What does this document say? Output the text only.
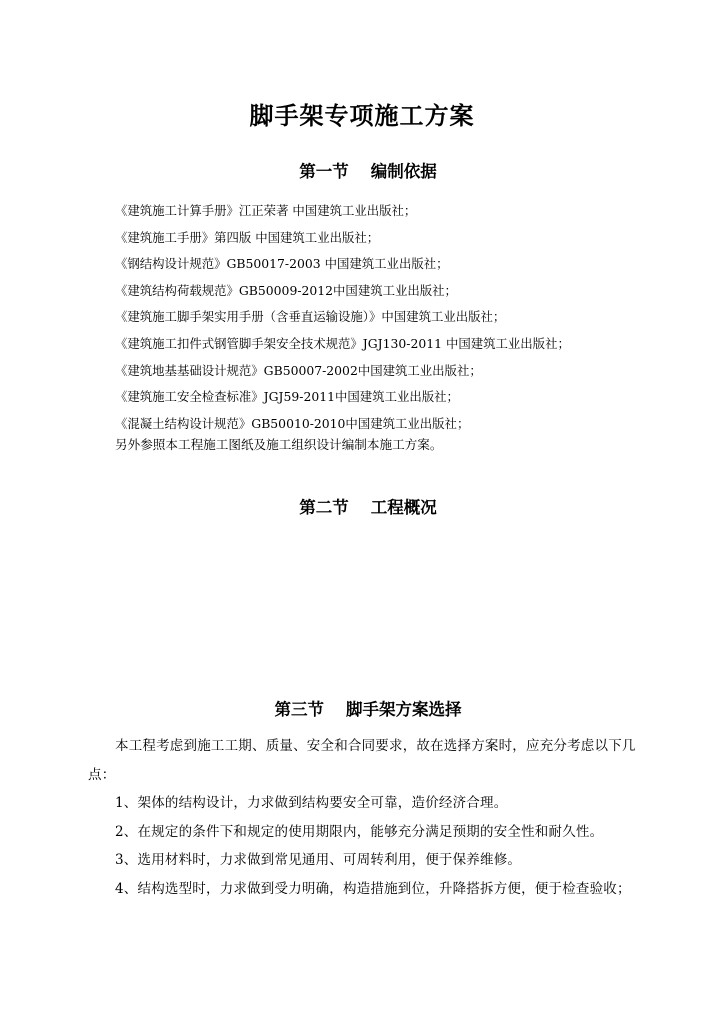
脚手架专项施工方案
第一节 编制依据
《建筑施工计算手册》江正荣著 中国建筑工业出版社；
《建筑施工手册》第四版 中国建筑工业出版社；
《钢结构设计规范》GB50017-2003 中国建筑工业出版社；
《建筑结构荷载规范》GB50009-2012中国建筑工业出版社；
《建筑施工脚手架实用手册（含垂直运输设施）》中国建筑工业出版社；
《建筑施工扣件式钢管脚手架安全技术规范》JGJ130-2011 中国建筑工业出版社；
《建筑地基基础设计规范》GB50007-2002中国建筑工业出版社；
《建筑施工安全检查标准》JGJ59-2011中国建筑工业出版社；
《混凝土结构设计规范》GB50010-2010中国建筑工业出版社；

另外参照本工程施工图纸及施工组织设计编制本施工方案。

第二节 工程概况
第三节 脚手架方案选择

本工程考虑到施工工期、质量、安全和合同要求，故在选择方案时，应充分考虑以下几点：

1、架体的结构设计，力求做到结构要安全可靠，造价经济合理。

2、在规定的条件下和规定的使用期限内，能够充分满足预期的安全性和耐久性。

3、选用材料时，力求做到常见通用、可周转利用，便于保养维修。

4、结构选型时，力求做到受力明确，构造措施到位，升降搭拆方便，便于检查验收；
